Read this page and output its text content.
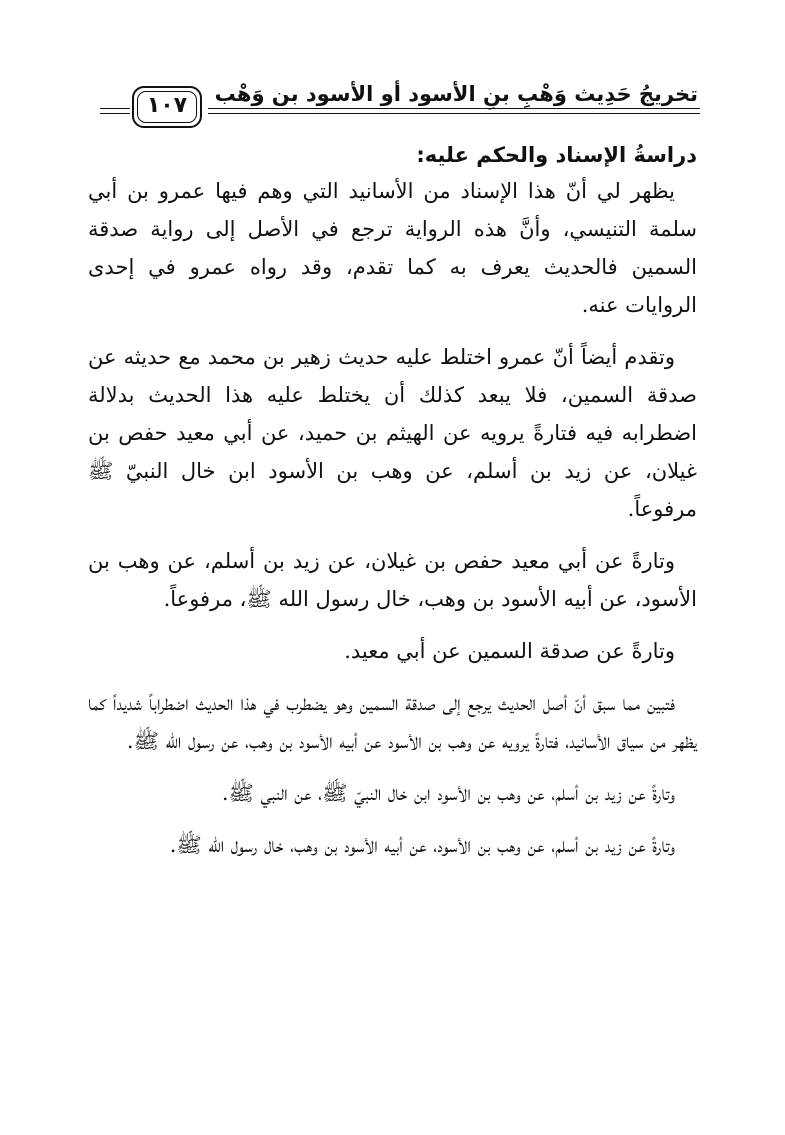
تخريجُ حَدِيث وَهْبِ بنِ الأسود أو الأسود بن وَهْب
١٠٧
دراسةُ الإسناد والحكم عليه:

يظهر لي أنّ هذا الإسناد من الأسانيد التي وهم فيها عمرو بن أبي سلمة التنيسي، وأنَّ هذه الرواية ترجع في الأصل إلى رواية صدقة السمين فالحديث يعرف به كما تقدم، وقد رواه عمرو في إحدى الروايات عنه.

وتقدم أيضاً أنّ عمرو اختلط عليه حديث زهير بن محمد مع حديثه عن صدقة السمين، فلا يبعد كذلك أن يختلط عليه هذا الحديث بدلالة اضطرابه فيه فتارةً يرويه عن الهيثم بن حميد، عن أبي معيد حفص بن غيلان، عن زيد بن أسلم، عن وهب بن الأسود ابن خال النبيّ ﷺ مرفوعاً.

وتارةً عن أبي معيد حفص بن غيلان، عن زيد بن أسلم، عن وهب بن الأسود، عن أبيه الأسود بن وهب، خال رسول الله ﷺ، مرفوعاً.

وتارةً عن صدقة السمين عن أبي معيد.

فتبين مما سبق أنّ أصل الحديث يرجع إلى صدقة السمين وهو يضطرب في هذا الحديث اضطراباً شديداً كما يظهر من سياق الأسانيد، فتارةً يرويه عن وهب بن الأسود عن أبيه الأسود بن وهب، عن رسول الله ﷺ.

وتارةً عن زيد بن أسلم، عن وهب بن الأسود ابن خال النبيّ ﷺ، عن النبي ﷺ.

وتارةً عن زيد بن أسلم، عن وهب بن الأسود، عن أبيه الأسود بن وهب، خال رسول الله ﷺ.
